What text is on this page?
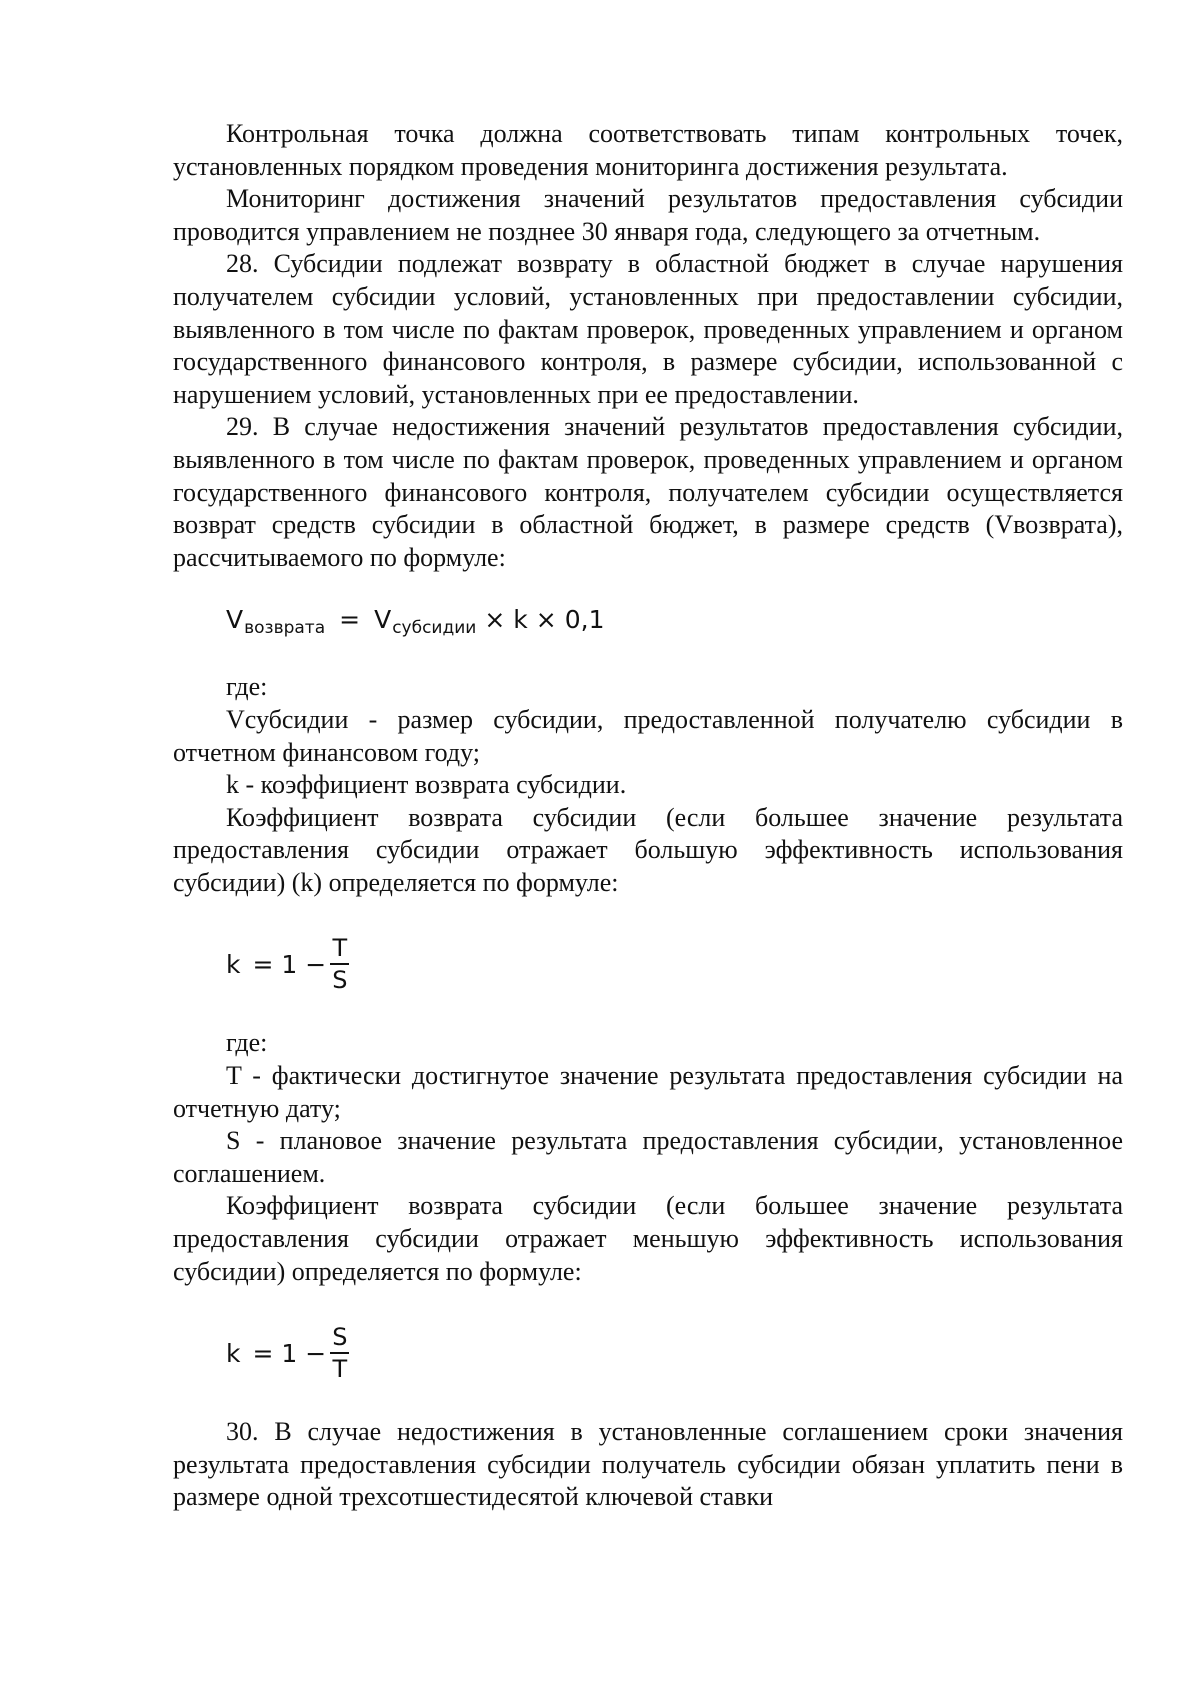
Контрольная точка должна соответствовать типам контрольных точек, установленных порядком проведения мониторинга достижения результата.

Мониторинг достижения значений результатов предоставления субсидии проводится управлением не позднее 30 января года, следующего за отчетным.

28. Субсидии подлежат возврату в областной бюджет в случае нарушения получателем субсидии условий, установленных при предоставлении субсидии, выявленного в том числе по фактам проверок, проведенных управлением и органом государственного финансового контроля, в размере субсидии, использованной с нарушением условий, установленных при ее предоставлении.

29. В случае недостижения значений результатов предоставления субсидии, выявленного в том числе по фактам проверок, проведенных управлением и органом государственного финансового контроля, получателем субсидии осуществляется возврат средств субсидии в областной бюджет, в размере средств (Vвозврата), рассчитываемого по формуле:

V возврата = V субсидии × k × 0,1

где:

Vсубсидии - размер субсидии, предоставленной получателю субсидии в отчетном финансовом году;

k - коэффициент возврата субсидии.

Коэффициент возврата субсидии (если большее значение результата предоставления субсидии отражает большую эффективность использования субсидии) (k) определяется по формуле:

$k = 1 - \frac{T}{S}$

где:

T - фактически достигнутое значение результата предоставления субсидии на отчетную дату;

S - плановое значение результата предоставления субсидии, установленное соглашением.

Коэффициент возврата субсидии (если большее значение результата предоставления субсидии отражает меньшую эффективность использования субсидии) определяется по формуле:

$k = 1 - \frac{S}{T}$

30. В случае недостижения в установленные соглашением сроки значения результата предоставления субсидии получатель субсидии обязан уплатить пени в размере одной трехсотшестидесятой ключевой ставки
